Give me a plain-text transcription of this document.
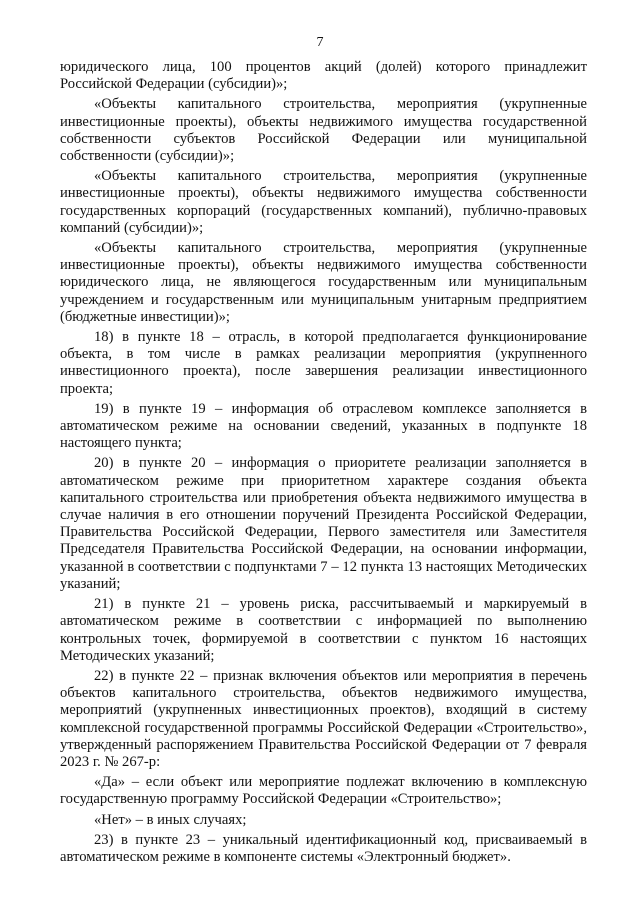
7

юридического лица, 100 процентов акций (долей) которого принадлежит Российской Федерации (субсидии)»;

«Объекты капитального строительства, мероприятия (укрупненные инвестиционные проекты), объекты недвижимого имущества государственной собственности субъектов Российской Федерации или муниципальной собственности (субсидии)»;

«Объекты капитального строительства, мероприятия (укрупненные инвестиционные проекты), объекты недвижимого имущества собственности государственных корпораций (государственных компаний), публично-правовых компаний (субсидии)»;

«Объекты капитального строительства, мероприятия (укрупненные инвестиционные проекты), объекты недвижимого имущества собственности юридического лица, не являющегося государственным или муниципальным учреждением и государственным или муниципальным унитарным предприятием (бюджетные инвестиции)»;

18) в пункте 18 – отрасль, в которой предполагается функционирование объекта, в том числе в рамках реализации мероприятия (укрупненного инвестиционного проекта), после завершения реализации инвестиционного проекта;

19) в пункте 19 – информация об отраслевом комплексе заполняется в автоматическом режиме на основании сведений, указанных в подпункте 18 настоящего пункта;

20) в пункте 20 – информация о приоритете реализации заполняется в автоматическом режиме при приоритетном характере создания объекта капитального строительства или приобретения объекта недвижимого имущества в случае наличия в его отношении поручений Президента Российской Федерации, Правительства Российской Федерации, Первого заместителя или Заместителя Председателя Правительства Российской Федерации, на основании информации, указанной в соответствии с подпунктами 7 – 12 пункта 13 настоящих Методических указаний;

21) в пункте 21 – уровень риска, рассчитываемый и маркируемый в автоматическом режиме в соответствии с информацией по выполнению контрольных точек, формируемой в соответствии с пунктом 16 настоящих Методических указаний;

22) в пункте 22 – признак включения объектов или мероприятия в перечень объектов капитального строительства, объектов недвижимого имущества, мероприятий (укрупненных инвестиционных проектов), входящий в систему комплексной государственной программы Российской Федерации «Строительство», утвержденный распоряжением Правительства Российской Федерации от 7 февраля 2023 г. № 267-р:

«Да» – если объект или мероприятие подлежат включению в комплексную государственную программу Российской Федерации «Строительство»;

«Нет» – в иных случаях;

23) в пункте 23 – уникальный идентификационный код, присваиваемый в автоматическом режиме в компоненте системы «Электронный бюджет».
